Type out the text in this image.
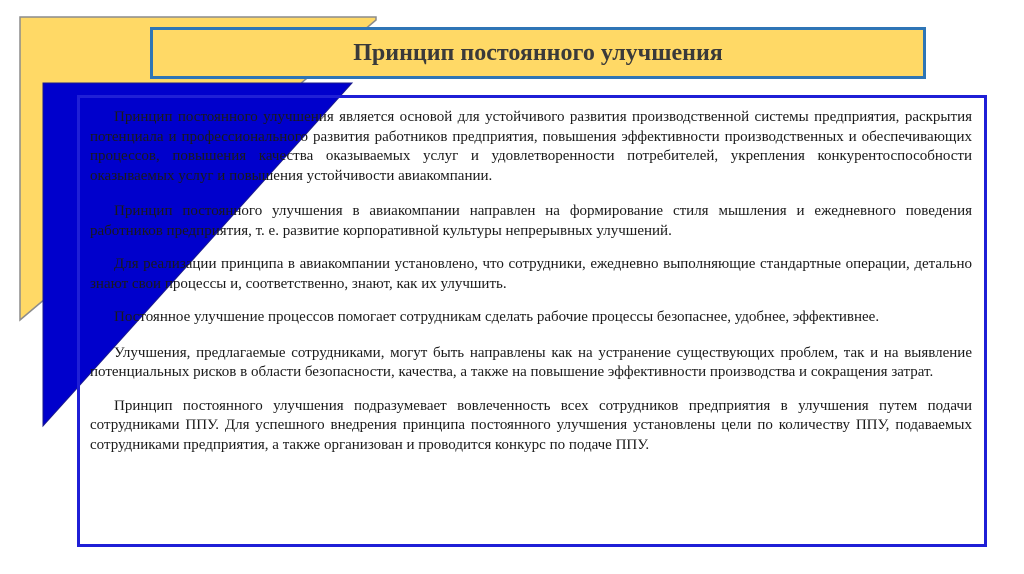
Принцип постоянного улучшения

Принцип постоянного улучшения является основой для устойчивого развития производственной системы предприятия, раскрытия потенциала и профессионального развития работников предприятия, повышения эффективности производственных и обеспечивающих процессов, повышения качества оказываемых услуг и удовлетворенности потребителей, укрепления конкурентоспособности оказываемых услуг и повышения устойчивости авиакомпании.

Принцип постоянного улучшения в авиакомпании направлен на формирование стиля мышления и ежедневного поведения работников предприятия, т. е. развитие корпоративной культуры непрерывных улучшений.

Для реализации принципа в авиакомпании установлено, что сотрудники, ежедневно выполняющие стандартные операции, детально знают свои процессы и, соответственно, знают, как их улучшить.

Постоянное улучшение процессов помогает сотрудникам сделать рабочие процессы безопаснее, удобнее, эффективнее.

Улучшения, предлагаемые сотрудниками, могут быть направлены как на устранение существующих проблем, так и на выявление потенциальных рисков в области безопасности, качества, а также на повышение эффективности производства и сокращения затрат.

Принцип постоянного улучшения подразумевает вовлеченность всех сотрудников предприятия в улучшения путем подачи сотрудниками ППУ. Для успешного внедрения принципа постоянного улучшения установлены цели по количеству ППУ, подаваемых сотрудниками предприятия, а также организован и проводится конкурс по подаче ППУ.
